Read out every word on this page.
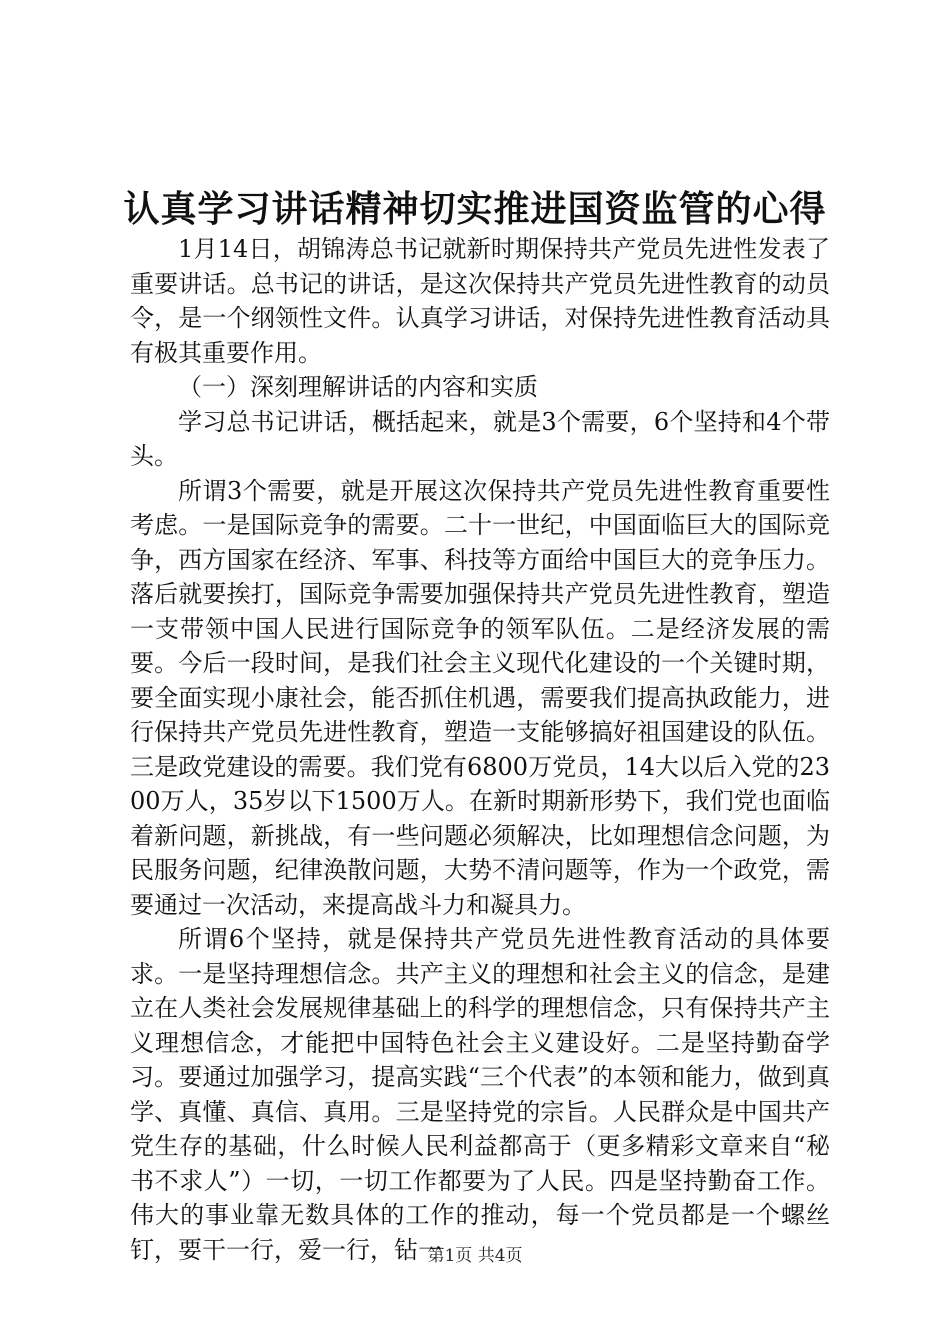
认真学习讲话精神切实推进国资监管的心得

1月14日，胡锦涛总书记就新时期保持共产党员先进性发表了重要讲话。总书记的讲话，是这次保持共产党员先进性教育的动员令，是一个纲领性文件。认真学习讲话，对保持先进性教育活动具有极其重要作用。

（一）深刻理解讲话的内容和实质

学习总书记讲话，概括起来，就是3个需要，6个坚持和4个带头。

所谓3个需要，就是开展这次保持共产党员先进性教育重要性考虑。一是国际竞争的需要。二十一世纪，中国面临巨大的国际竞争，西方国家在经济、军事、科技等方面给中国巨大的竞争压力。落后就要挨打，国际竞争需要加强保持共产党员先进性教育，塑造一支带领中国人民进行国际竞争的领军队伍。二是经济发展的需要。今后一段时间，是我们社会主义现代化建设的一个关键时期，要全面实现小康社会，能否抓住机遇，需要我们提高执政能力，进行保持共产党员先进性教育，塑造一支能够搞好祖国建设的队伍。三是政党建设的需要。我们党有6800万党员，14大以后入党的2300万人，35岁以下1500万人。在新时期新形势下，我们党也面临着新问题，新挑战，有一些问题必须解决，比如理想信念问题，为民服务问题，纪律涣散问题，大势不清问题等，作为一个政党，需要通过一次活动，来提高战斗力和凝具力。

所谓6个坚持，就是保持共产党员先进性教育活动的具体要求。一是坚持理想信念。共产主义的理想和社会主义的信念，是建立在人类社会发展规律基础上的科学的理想信念，只有保持共产主义理想信念，才能把中国特色社会主义建设好。二是坚持勤奋学习。要通过加强学习，提高实践“三个代表”的本领和能力，做到真学、真懂、真信、真用。三是坚持党的宗旨。人民群众是中国共产党生存的基础，什么时候人民利益都高于（更多精彩文章来自“秘书不求人”）一切，一切工作都要为了人民。四是坚持勤奋工作。伟大的事业靠无数具体的工作的推动，每一个党员都是一个螺丝钉，要干一行，爱一行，钻一

第1页 共4页
